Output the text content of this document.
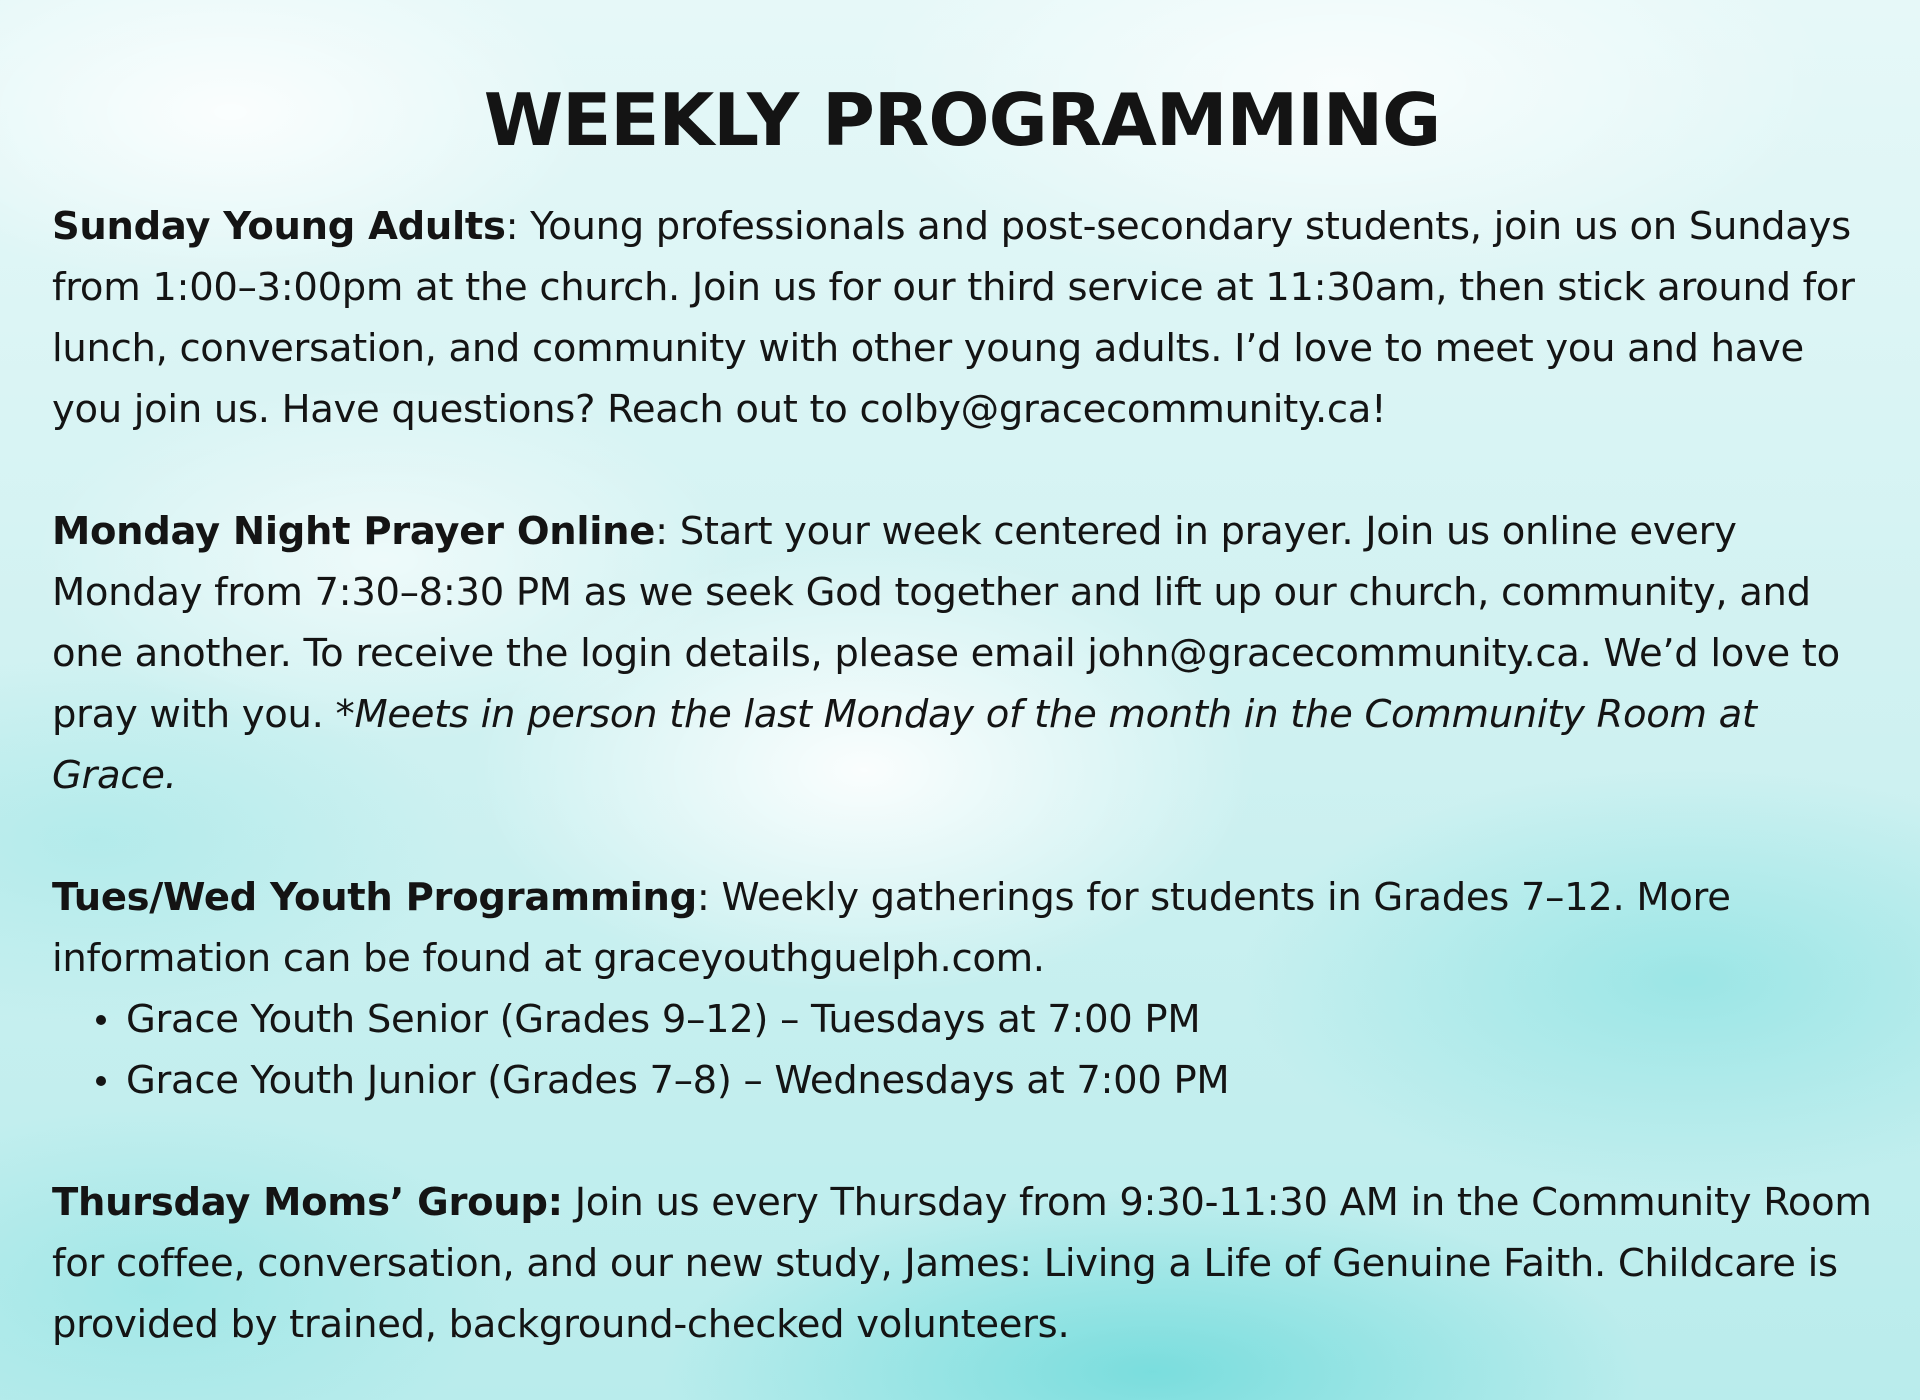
WEEKLY PROGRAMMING
Sunday Young Adults: Young professionals and post-secondary students, join us on Sundays from 1:00–3:00pm at the church. Join us for our third service at 11:30am, then stick around for lunch, conversation, and community with other young adults. I’d love to meet you and have you join us. Have questions? Reach out to colby@gracecommunity.ca!
Monday Night Prayer Online: Start your week centered in prayer. Join us online every Monday from 7:30–8:30 PM as we seek God together and lift up our church, community, and one another. To receive the login details, please email john@gracecommunity.ca. We’d love to pray with you. *Meets in person the last Monday of the month in the Community Room at Grace.
Tues/Wed Youth Programming: Weekly gatherings for students in Grades 7–12. More information can be found at graceyouthguelph.com.
Grace Youth Senior (Grades 9–12) – Tuesdays at 7:00 PM
Grace Youth Junior (Grades 7–8) – Wednesdays at 7:00 PM
Thursday Moms’ Group: Join us every Thursday from 9:30-11:30 AM in the Community Room for coffee, conversation, and our new study, James: Living a Life of Genuine Faith. Childcare is provided by trained, background-checked volunteers.
